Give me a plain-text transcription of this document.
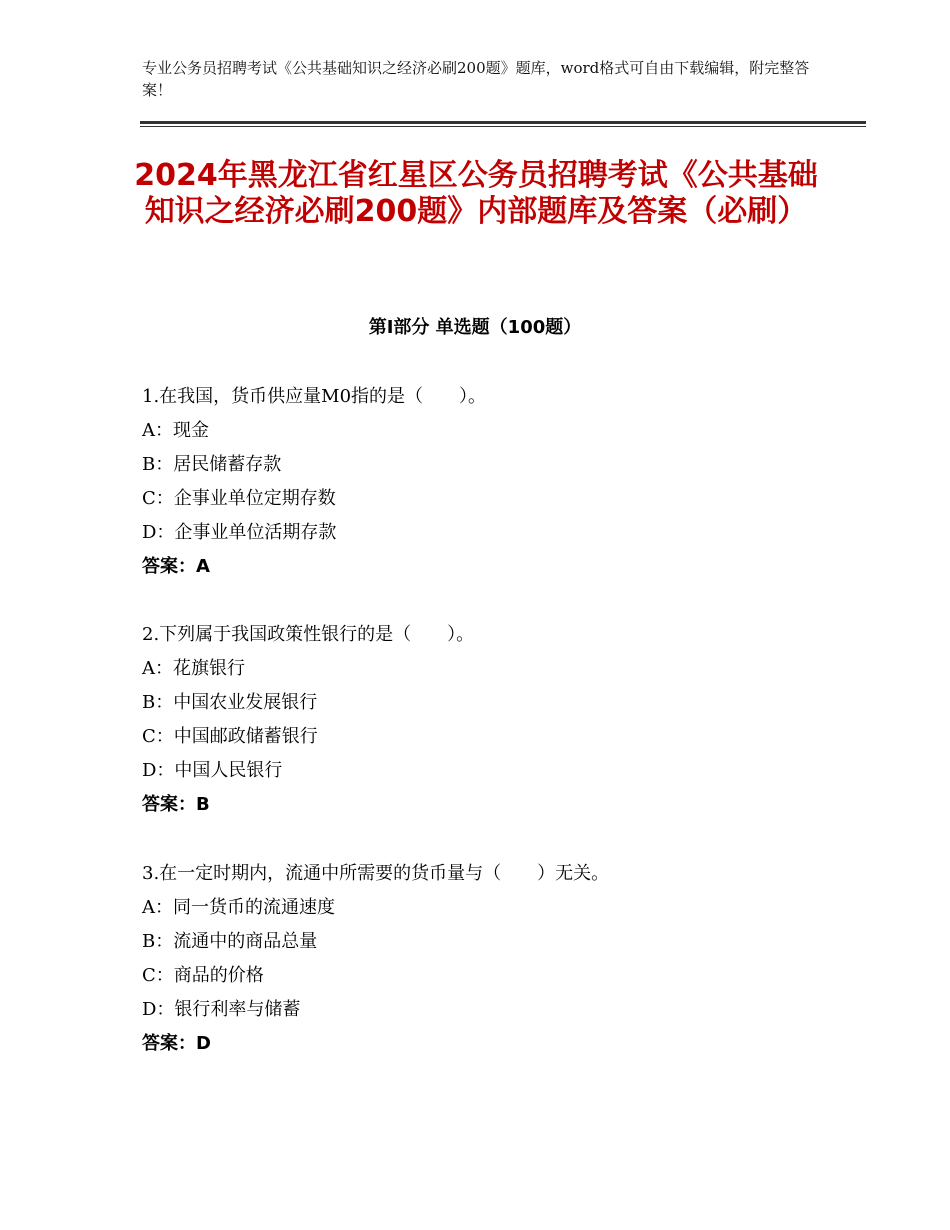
专业公务员招聘考试《公共基础知识之经济必刷200题》题库，word格式可自由下载编辑，附完整答案！
2024年黑龙江省红星区公务员招聘考试《公共基础知识之经济必刷200题》内部题库及答案（必刷）
第Ⅰ部分 单选题（100题）
1.在我国，货币供应量M0指的是（　　）。
A：现金
B：居民储蓄存款
C：企事业单位定期存数
D：企事业单位活期存款
答案：A
2.下列属于我国政策性银行的是（　　）。
A：花旗银行
B：中国农业发展银行
C：中国邮政储蓄银行
D：中国人民银行
答案：B
3.在一定时期内，流通中所需要的货币量与（　　）无关。
A：同一货币的流通速度
B：流通中的商品总量
C：商品的价格
D：银行利率与储蓄
答案：D
